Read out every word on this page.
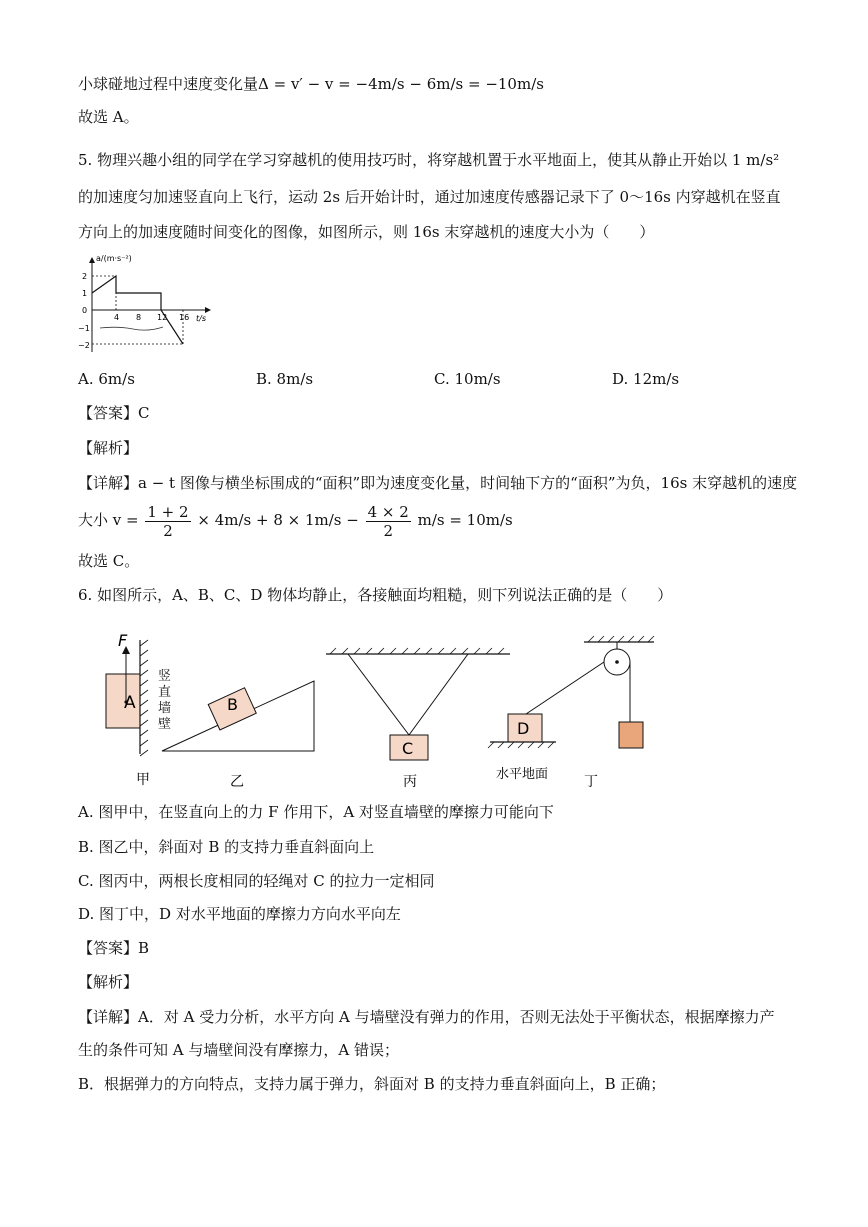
小球碰地过程中速度变化量Δ = v′ − v = −4m/s − 6m/s = −10m/s
故选 A。
5. 物理兴趣小组的同学在学习穿越机的使用技巧时，将穿越机置于水平地面上，使其从静止开始以 1 m/s²
的加速度匀加速竖直向上飞行，运动 2s 后开始计时，通过加速度传感器记录下了 0～16s 内穿越机在竖直
方向上的加速度随时间变化的图像，如图所示，则 16s 末穿越机的速度大小为（　　）
a/(m·s⁻²)
t/s
2
1
0
−1
−2
4 8 12 16
A. 6m/s	B. 8m/s	C. 10m/s	D. 12m/s
【答案】C
【解析】
【详解】a − t 图像与横坐标围成的“面积”即为速度变化量，时间轴下方的“面积”为负，16s 末穿越机的速度
大小 $v = \frac{1 + 2}{2} \times 4m/s + 8 \times 1m/s - \frac{4 \times 2}{2} m/s = 10m/s$
故选 C。
6. 如图所示，A、B、C、D 物体均静止，各接触面均粗糙，则下列说法正确的是（　　）
F
A
竖直墙壁
甲
B
乙
C
丙
D
水平地面	丁
A. 图甲中，在竖直向上的力 F 作用下，A 对竖直墙壁的摩擦力可能向下
B. 图乙中，斜面对 B 的支持力垂直斜面向上
C. 图丙中，两根长度相同的轻绳对 C 的拉力一定相同
D. 图丁中，D 对水平地面的摩擦力方向水平向左
【答案】B
【解析】
【详解】A．对 A 受力分析，水平方向 A 与墙壁没有弹力的作用，否则无法处于平衡状态，根据摩擦力产
生的条件可知 A 与墙壁间没有摩擦力，A 错误；
B．根据弹力的方向特点，支持力属于弹力，斜面对 B 的支持力垂直斜面向上，B 正确；
